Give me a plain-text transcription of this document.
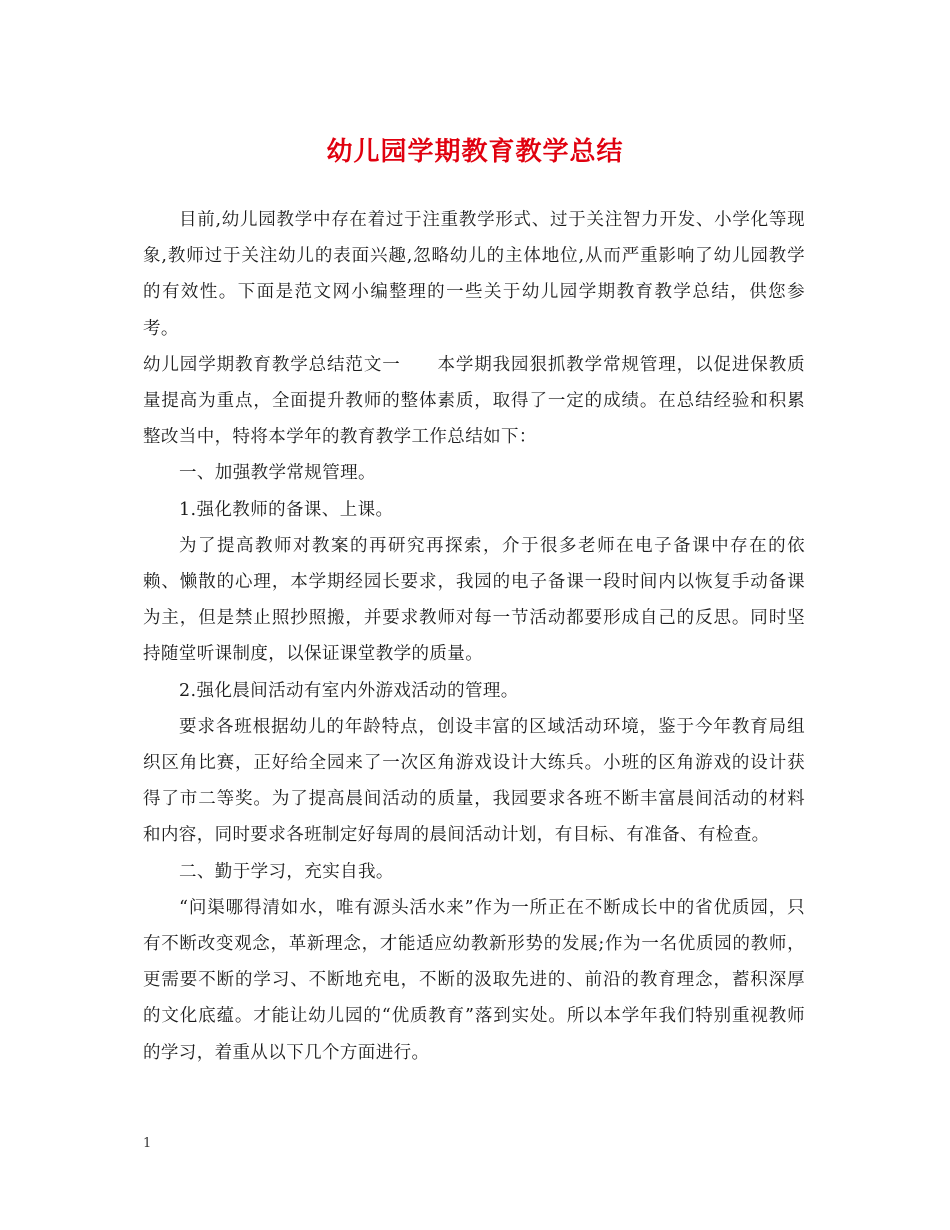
幼儿园学期教育教学总结

目前,幼儿园教学中存在着过于注重教学形式、过于关注智力开发、小学化等现象,教师过于关注幼儿的表面兴趣,忽略幼儿的主体地位,从而严重影响了幼儿园教学的有效性。下面是范文网小编整理的一些关于幼儿园学期教育教学总结，供您参考。

幼儿园学期教育教学总结范文一　　本学期我园狠抓教学常规管理，以促进保教质量提高为重点，全面提升教师的整体素质，取得了一定的成绩。在总结经验和积累整改当中，特将本学年的教育教学工作总结如下：

一、加强教学常规管理。

1.强化教师的备课、上课。

为了提高教师对教案的再研究再探索，介于很多老师在电子备课中存在的依赖、懒散的心理，本学期经园长要求，我园的电子备课一段时间内以恢复手动备课为主，但是禁止照抄照搬，并要求教师对每一节活动都要形成自己的反思。同时坚持随堂听课制度，以保证课堂教学的质量。

2.强化晨间活动有室内外游戏活动的管理。

要求各班根据幼儿的年龄特点，创设丰富的区域活动环境，鉴于今年教育局组织区角比赛，正好给全园来了一次区角游戏设计大练兵。小班的区角游戏的设计获得了市二等奖。为了提高晨间活动的质量，我园要求各班不断丰富晨间活动的材料和内容，同时要求各班制定好每周的晨间活动计划，有目标、有准备、有检查。

二、勤于学习，充实自我。

“问渠哪得清如水，唯有源头活水来”作为一所正在不断成长中的省优质园，只有不断改变观念，革新理念，才能适应幼教新形势的发展;作为一名优质园的教师，更需要不断的学习、不断地充电，不断的汲取先进的、前沿的教育理念，蓄积深厚的文化底蕴。才能让幼儿园的“优质教育”落到实处。所以本学年我们特别重视教师的学习，着重从以下几个方面进行。

1
